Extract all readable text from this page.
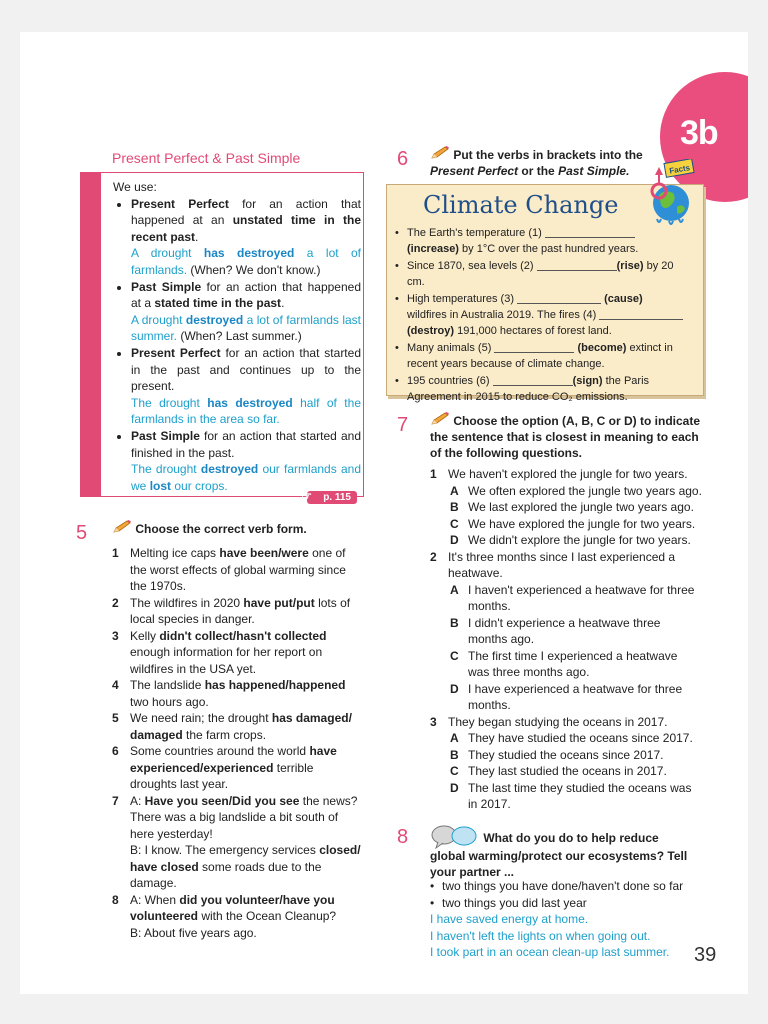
3b
Present Perfect & Past Simple
We use:
• Present Perfect for an action that happened at an unstated time in the recent past.
A drought has destroyed a lot of farmlands. (When? We don't know.)
• Past Simple for an action that happened at a stated time in the past.
A drought destroyed a lot of farmlands last summer. (When? Last summer.)
• Present Perfect for an action that started in the past and continues up to the present.
The drought has destroyed half of the farmlands in the area so far.
• Past Simple for an action that started and finished in the past.
The drought destroyed our farmlands and we lost our crops.
☞ p. 115
5	Choose the correct verb form.
1 Melting ice caps have been/were one of the worst effects of global warming since the 1970s.
2 The wildfires in 2020 have put/put lots of local species in danger.
3 Kelly didn't collect/hasn't collected enough information for her report on wildfires in the USA yet.
4 The landslide has happened/happened two hours ago.
5 We need rain; the drought has damaged/ damaged the farm crops.
6 Some countries around the world have experienced/experienced terrible droughts last year.
7 A: Have you seen/Did you see the news? There was a big landslide a bit south of here yesterday!
B: I know. The emergency services closed/ have closed some roads due to the damage.
8 A: When did you volunteer/have you volunteered with the Ocean Cleanup?
B: About five years ago.
6	Put the verbs in brackets into the
Present Perfect or the Past Simple.
Climate Change
Facts
• The Earth's temperature (1)  (increase) by 1°C over the past hundred years.
• Since 1870, sea levels (2)	(rise) by 20 cm.
• High temperatures (3)	(cause) wildfires in Australia 2019. The fires (4)  (destroy) 191,000 hectares of forest land.
• Many animals (5)	(become) extinct in recent years because of climate change.
• 195 countries (6)	(sign) the Paris Agreement in 2015 to reduce CO₂ emissions.
7	Choose the option (A, B, C or D) to indicate the sentence that is closest in meaning to each of the following questions.
1 We haven't explored the jungle for two years.
A We often explored the jungle two years ago.
B We last explored the jungle two years ago.
C We have explored the jungle for two years.
D We didn't explore the jungle for two years.
2 It's three months since I last experienced a heatwave.
A I haven't experienced a heatwave for three months.
B I didn't experience a heatwave three months ago.
C The first time I experienced a heatwave was three months ago.
D I have experienced a heatwave for three months.
3 They began studying the oceans in 2017.
A They have studied the oceans since 2017.
B They studied the oceans since 2017.
C They last studied the oceans in 2017.
D The last time they studied the oceans was in 2017.
8	What do you do to help reduce global warming/protect our ecosystems? Tell your partner ...
• two things you have done/haven't done so far
• two things you did last year
I have saved energy at home.
I haven't left the lights on when going out.
I took part in an ocean clean-up last summer.	39
